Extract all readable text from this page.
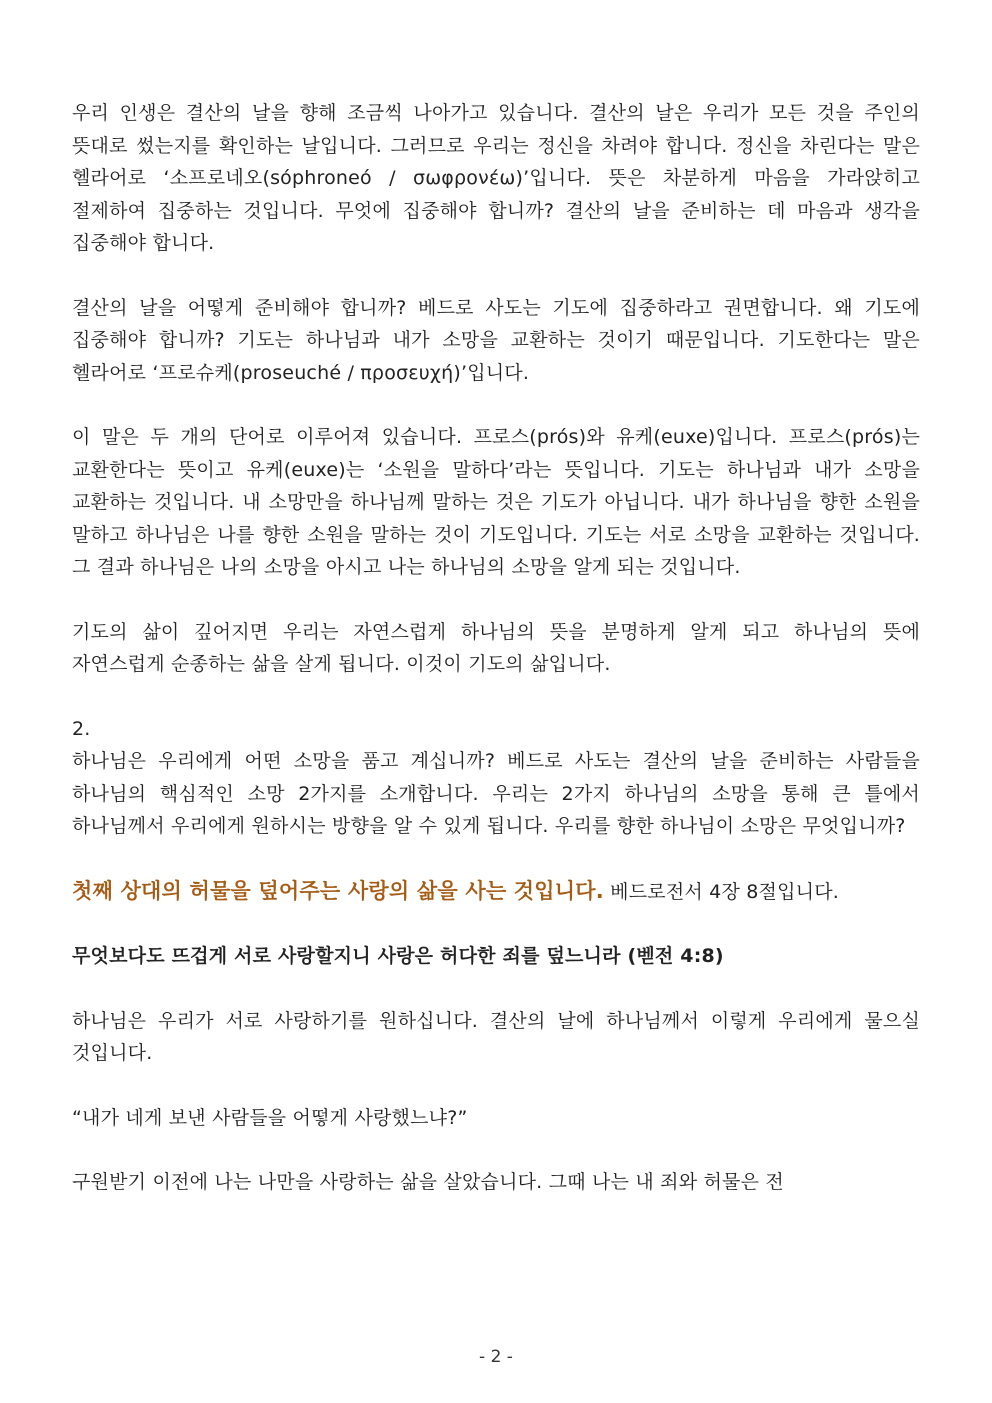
우리 인생은 결산의 날을 향해 조금씩 나아가고 있습니다. 결산의 날은 우리가 모든 것을 주인의 뜻대로 썼는지를 확인하는 날입니다. 그러므로 우리는 정신을 차려야 합니다. 정신을 차린다는 말은 헬라어로 ‘소프로네오(sóphroneó / σωφρονέω)’입니다. 뜻은 차분하게 마음을 가라앉히고 절제하여 집중하는 것입니다. 무엇에 집중해야 합니까? 결산의 날을 준비하는 데 마음과 생각을 집중해야 합니다.

결산의 날을 어떻게 준비해야 합니까? 베드로 사도는 기도에 집중하라고 권면합니다. 왜 기도에 집중해야 합니까? 기도는 하나님과 내가 소망을 교환하는 것이기 때문입니다. 기도한다는 말은 헬라어로 ‘프로슈케(proseuché / προσευχή)’입니다.

이 말은 두 개의 단어로 이루어져 있습니다. 프로스(prós)와 유케(euxe)입니다. 프로스(prós)는 교환한다는 뜻이고 유케(euxe)는 ‘소원을 말하다’라는 뜻입니다. 기도는 하나님과 내가 소망을 교환하는 것입니다. 내 소망만을 하나님께 말하는 것은 기도가 아닙니다. 내가 하나님을 향한 소원을 말하고 하나님은 나를 향한 소원을 말하는 것이 기도입니다. 기도는 서로 소망을 교환하는 것입니다. 그 결과 하나님은 나의 소망을 아시고 나는 하나님의 소망을 알게 되는 것입니다.

기도의 삶이 깊어지면 우리는 자연스럽게 하나님의 뜻을 분명하게 알게 되고 하나님의 뜻에 자연스럽게 순종하는 삶을 살게 됩니다. 이것이 기도의 삶입니다.

2.

하나님은 우리에게 어떤 소망을 품고 계십니까? 베드로 사도는 결산의 날을 준비하는 사람들을 하나님의 핵심적인 소망 2가지를 소개합니다. 우리는 2가지 하나님의 소망을 통해 큰 틀에서 하나님께서 우리에게 원하시는 방향을 알 수 있게 됩니다. 우리를 향한 하나님이 소망은 무엇입니까?

첫째 상대의 허물을 덮어주는 사랑의 삶을 사는 것입니다. 베드로전서 4장 8절입니다.

무엇보다도 뜨겁게 서로 사랑할지니 사랑은 허다한 죄를 덮느니라 (벧전 4:8)

하나님은 우리가 서로 사랑하기를 원하십니다. 결산의 날에 하나님께서 이렇게 우리에게 물으실 것입니다.

“내가 네게 보낸 사람들을 어떻게 사랑했느냐?”

구원받기 이전에 나는 나만을 사랑하는 삶을 살았습니다. 그때 나는 내 죄와 허물은 전

- 2 -
